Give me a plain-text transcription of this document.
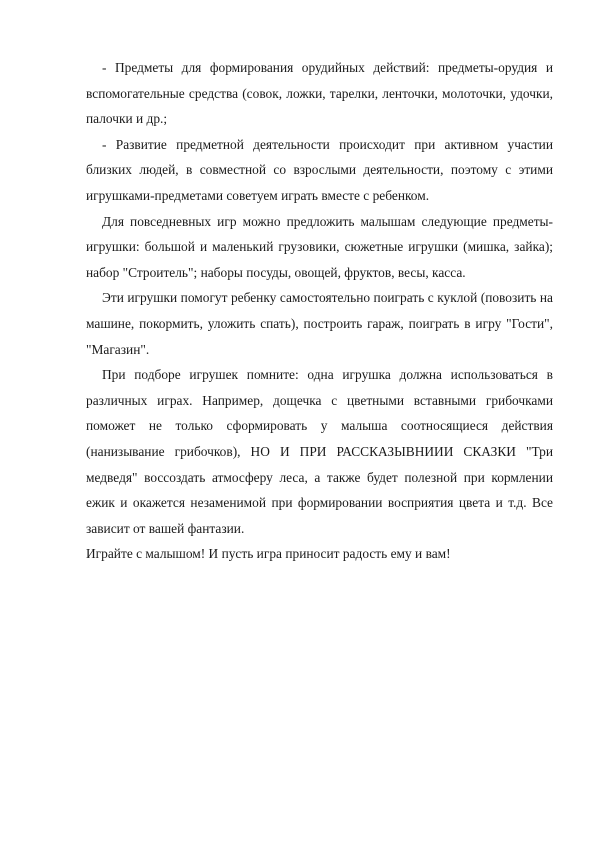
- Предметы для формирования орудийных действий: предметы-орудия и вспомогательные средства (совок, ложки, тарелки, ленточки, молоточки, удочки, палочки и др.;

- Развитие предметной деятельности происходит при активном участии близких людей, в совместной со взрослыми деятельности, поэтому с этими игрушками-предметами советуем играть вместе с ребенком.

Для повседневных игр можно предложить малышам следующие предметы-игрушки: большой и маленький грузовики, сюжетные игрушки (мишка, зайка); набор "Строитель"; наборы посуды, овощей, фруктов, весы, касса.

Эти игрушки помогут ребенку самостоятельно поиграть с куклой (повозить на машине, покормить, уложить спать), построить гараж, поиграть в игру "Гости", "Магазин".

При подборе игрушек помните: одна игрушка должна использоваться в различных играх. Например, дощечка с цветными вставными грибочками поможет не только сформировать у малыша соотносящиеся действия (нанизывание грибочков), НО И ПРИ РАССКАЗЫВНИИИ СКАЗКИ "Три медведя" воссоздать атмосферу леса, а также будет полезной при кормлении ежик и окажется незаменимой при формировании восприятия цвета и т.д. Все зависит от вашей фантазии.

Играйте с малышом! И пусть игра приносит радость ему и вам!
